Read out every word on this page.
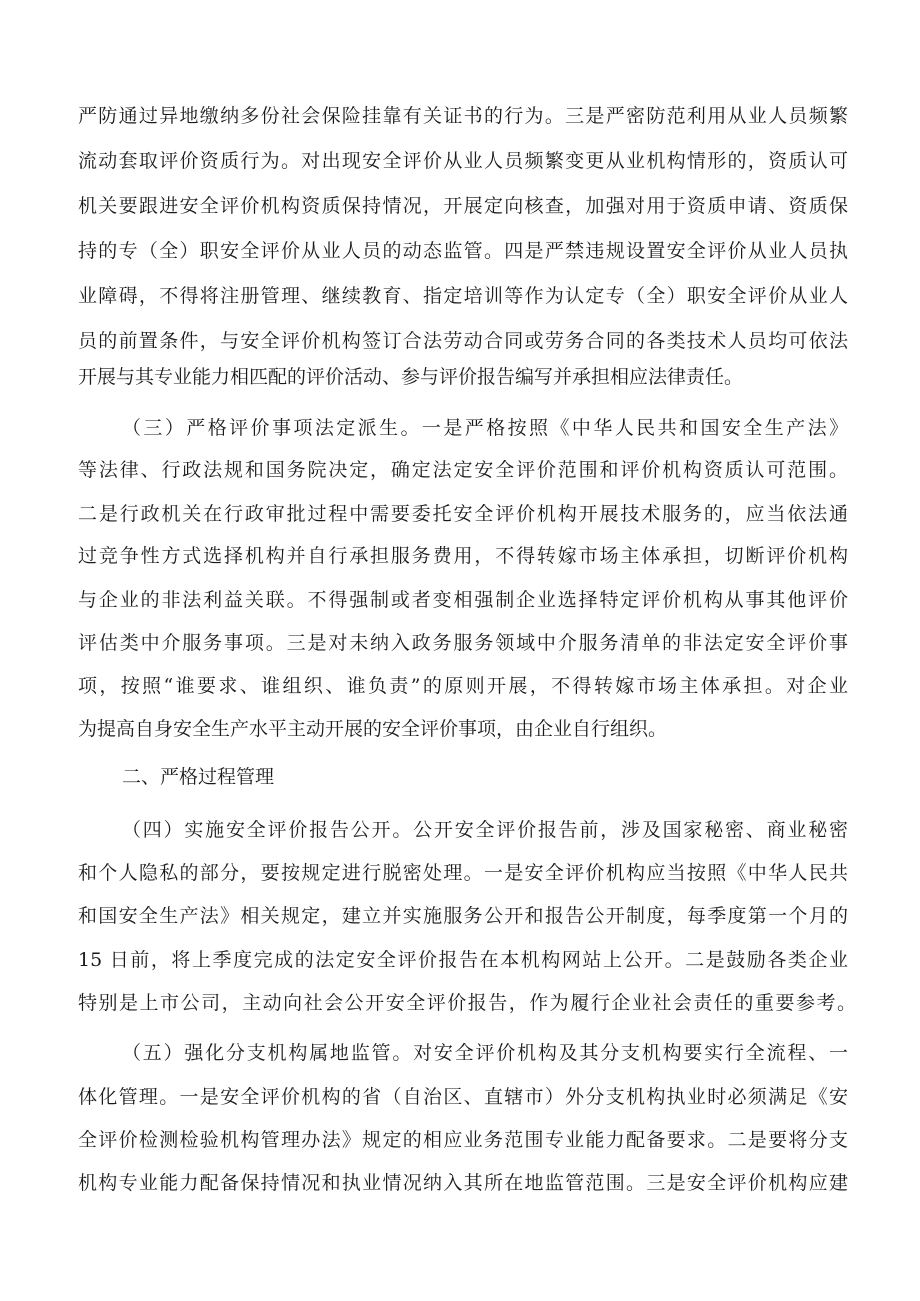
严防通过异地缴纳多份社会保险挂靠有关证书的行为。三是严密防范利用从业人员频繁
流动套取评价资质行为。对出现安全评价从业人员频繁变更从业机构情形的，资质认可
机关要跟进安全评价机构资质保持情况，开展定向核查，加强对用于资质申请、资质保
持的专（全）职安全评价从业人员的动态监管。四是严禁违规设置安全评价从业人员执
业障碍，不得将注册管理、继续教育、指定培训等作为认定专（全）职安全评价从业人
员的前置条件，与安全评价机构签订合法劳动合同或劳务合同的各类技术人员均可依法
开展与其专业能力相匹配的评价活动、参与评价报告编写并承担相应法律责任。
（三）严格评价事项法定派生。一是严格按照《中华人民共和国安全生产法》
等法律、行政法规和国务院决定，确定法定安全评价范围和评价机构资质认可范围。
二是行政机关在行政审批过程中需要委托安全评价机构开展技术服务的，应当依法通
过竞争性方式选择机构并自行承担服务费用，不得转嫁市场主体承担，切断评价机构
与企业的非法利益关联。不得强制或者变相强制企业选择特定评价机构从事其他评价
评估类中介服务事项。三是对未纳入政务服务领域中介服务清单的非法定安全评价事
项，按照“谁要求、谁组织、谁负责”的原则开展，不得转嫁市场主体承担。对企业
为提高自身安全生产水平主动开展的安全评价事项，由企业自行组织。
二、严格过程管理
（四）实施安全评价报告公开。公开安全评价报告前，涉及国家秘密、商业秘密
和个人隐私的部分，要按规定进行脱密处理。一是安全评价机构应当按照《中华人民共
和国安全生产法》相关规定，建立并实施服务公开和报告公开制度，每季度第一个月的
15 日前，将上季度完成的法定安全评价报告在本机构网站上公开。二是鼓励各类企业
特别是上市公司，主动向社会公开安全评价报告，作为履行企业社会责任的重要参考。
（五）强化分支机构属地监管。对安全评价机构及其分支机构要实行全流程、一
体化管理。一是安全评价机构的省（自治区、直辖市）外分支机构执业时必须满足《安
全评价检测检验机构管理办法》规定的相应业务范围专业能力配备要求。二是要将分支
机构专业能力配备保持情况和执业情况纳入其所在地监管范围。三是安全评价机构应建
